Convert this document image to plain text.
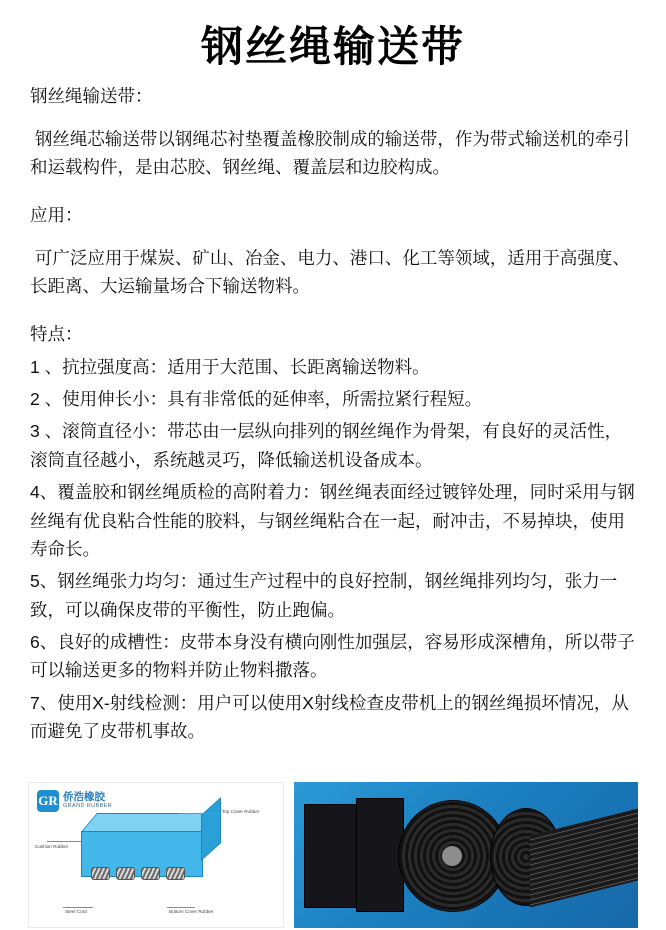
钢丝绳输送带
钢丝绳输送带：
钢丝绳芯输送带以钢绳芯衬垫覆盖橡胶制成的输送带，作为带式输送机的牵引和运载构件，是由芯胶、钢丝绳、覆盖层和边胶构成。
应用：
可广泛应用于煤炭、矿山、冶金、电力、港口、化工等领域，适用于高强度、长距离、大运输量场合下输送物料。
特点：
1 、抗拉强度高：适用于大范围、长距离输送物料。
2 、使用伸长小：具有非常低的延伸率，所需拉紧行程短。
3 、滚筒直径小：带芯由一层纵向排列的钢丝绳作为骨架，有良好的灵活性，滚筒直径越小，系统越灵巧，降低输送机设备成本。
4、覆盖胶和钢丝绳质检的高附着力：钢丝绳表面经过镀锌处理，同时采用与钢丝绳有优良粘合性能的胶料，与钢丝绳粘合在一起，耐冲击，不易掉块，使用寿命长。
5、钢丝绳张力均匀：通过生产过程中的良好控制，钢丝绳排列均匀，张力一致，可以确保皮带的平衡性，防止跑偏。
6、良好的成槽性：皮带本身没有横向刚性加强层，容易形成深槽角，所以带子可以输送更多的物料并防止物料撒落。
7、使用X-射线检测：用户可以使用X射线检查皮带机上的钢丝绳损坏情况，从而避免了皮带机事故。
GR 侨浩橡胶
GRAND RUBBER
Top Cover Rubber
Cushion Rubber
Steel Cord	Bottom Cover Rubber
